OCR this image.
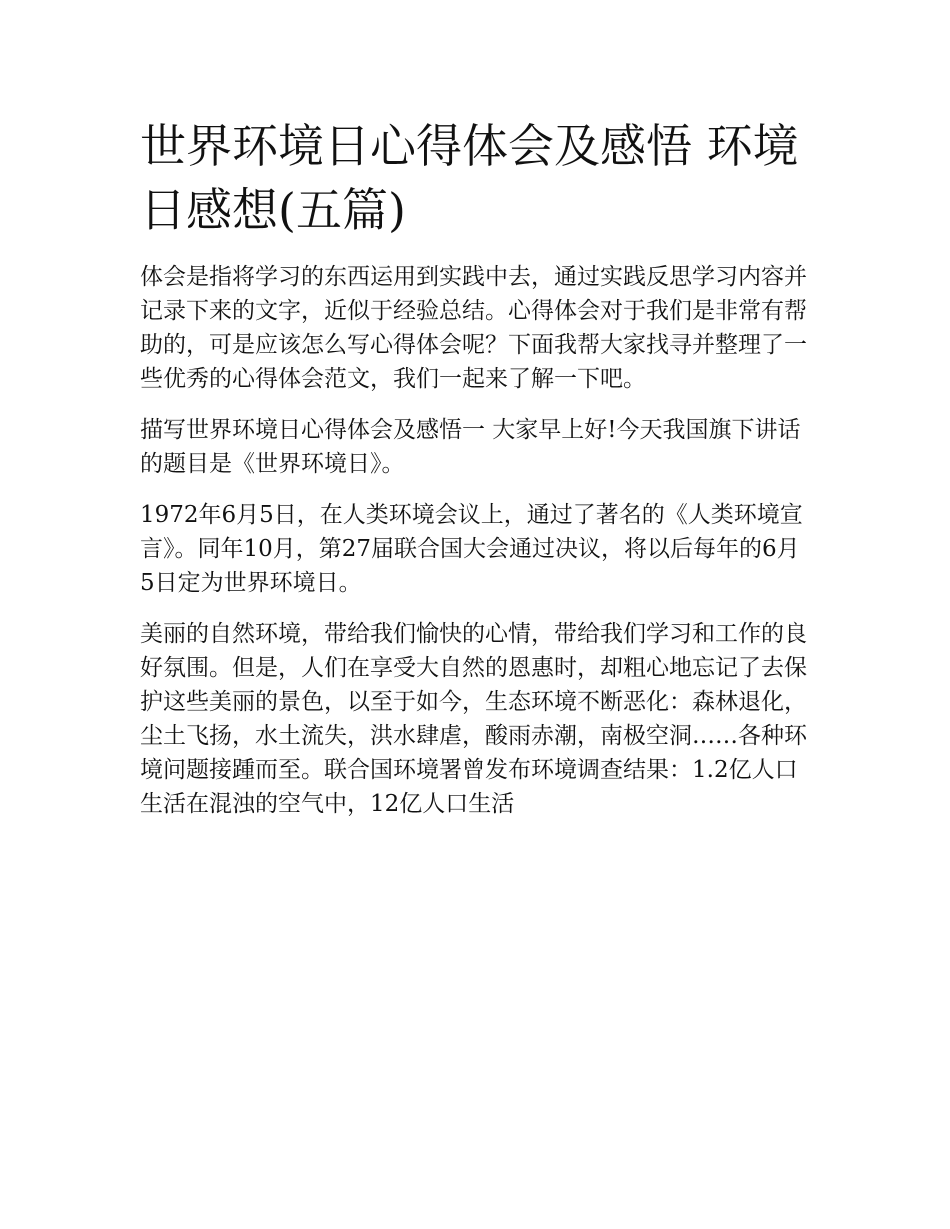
世界环境日心得体会及感悟 环境日感想(五篇)

体会是指将学习的东西运用到实践中去，通过实践反思学习内容并记录下来的文字，近似于经验总结。心得体会对于我们是非常有帮助的，可是应该怎么写心得体会呢？下面我帮大家找寻并整理了一些优秀的心得体会范文，我们一起来了解一下吧。

描写世界环境日心得体会及感悟一 大家早上好!今天我国旗下讲话的题目是《世界环境日》。

1972年6月5日，在人类环境会议上，通过了著名的《人类环境宣言》。同年10月，第27届联合国大会通过决议，将以后每年的6月5日定为世界环境日。

美丽的自然环境，带给我们愉快的心情，带给我们学习和工作的良好氛围。但是，人们在享受大自然的恩惠时，却粗心地忘记了去保护这些美丽的景色，以至于如今，生态环境不断恶化：森林退化，尘土飞扬，水土流失，洪水肆虐，酸雨赤潮，南极空洞……各种环境问题接踵而至。联合国环境署曾发布环境调查结果：1.2亿人口生活在混浊的空气中，12亿人口生活
